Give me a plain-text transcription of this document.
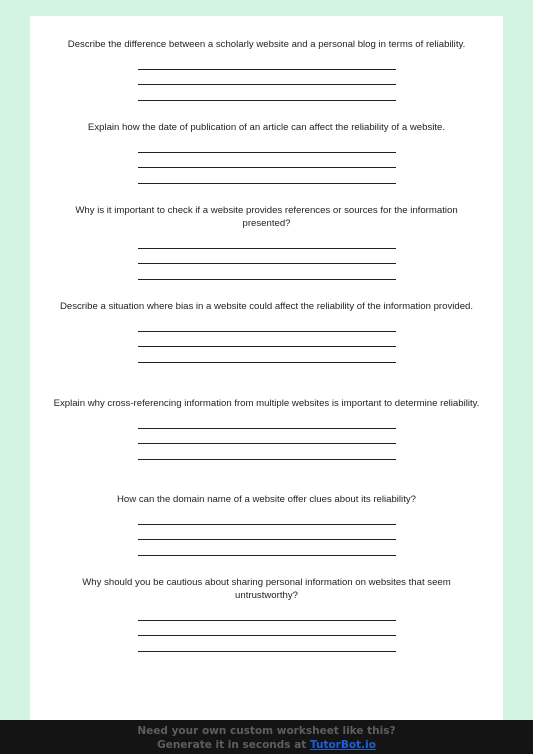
Describe the difference between a scholarly website and a personal blog in terms of reliability.

Explain how the date of publication of an article can affect the reliability of a website.

Why is it important to check if a website provides references or sources for the information presented?

Describe a situation where bias in a website could affect the reliability of the information provided.

Explain why cross-referencing information from multiple websites is important to determine reliability.

How can the domain name of a website offer clues about its reliability?

Why should you be cautious about sharing personal information on websites that seem untrustworthy?

Need your own custom worksheet like this?
Generate it in seconds at TutorBot.io
